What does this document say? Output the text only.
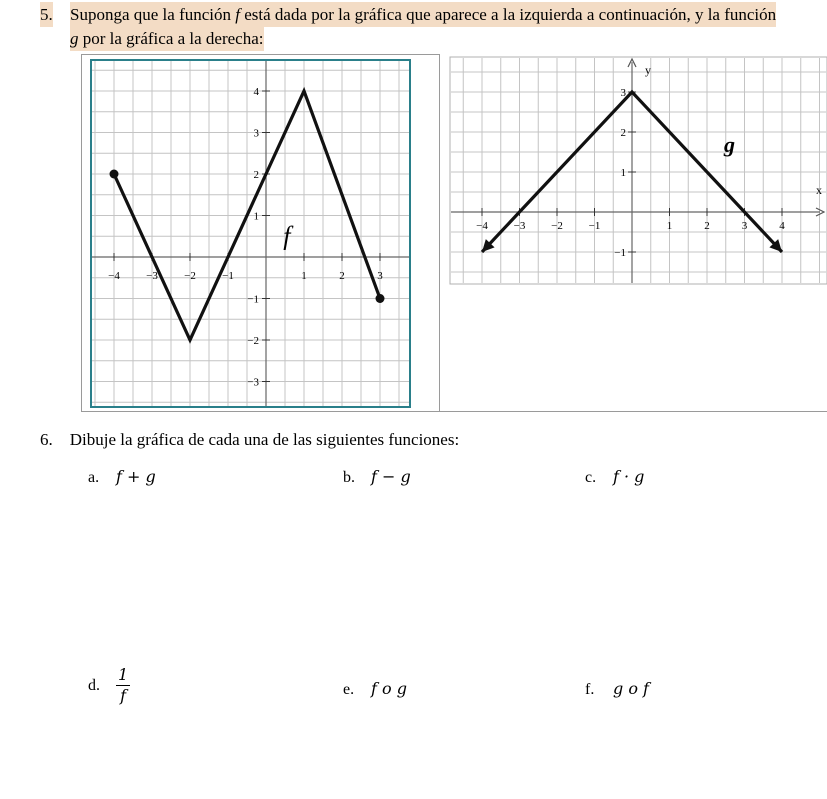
5. Suponga que la función f está dada por la gráfica que aparece a la izquierda a continuación, y la función
g por la gráfica a la derecha:
−4 −3 −2 −1	1	2	3
−3
−2
−1
1
2
3
4
f
y
x
−4 −3 −2 −1	1	2	3	4
−1
1
2
3
g
6. Dibuje la gráfica de cada una de las siguientes funciones:
a. f + g	b. f − g	c. f · g
d. $\frac{1}{f}$	e. f o g	f. g o f
